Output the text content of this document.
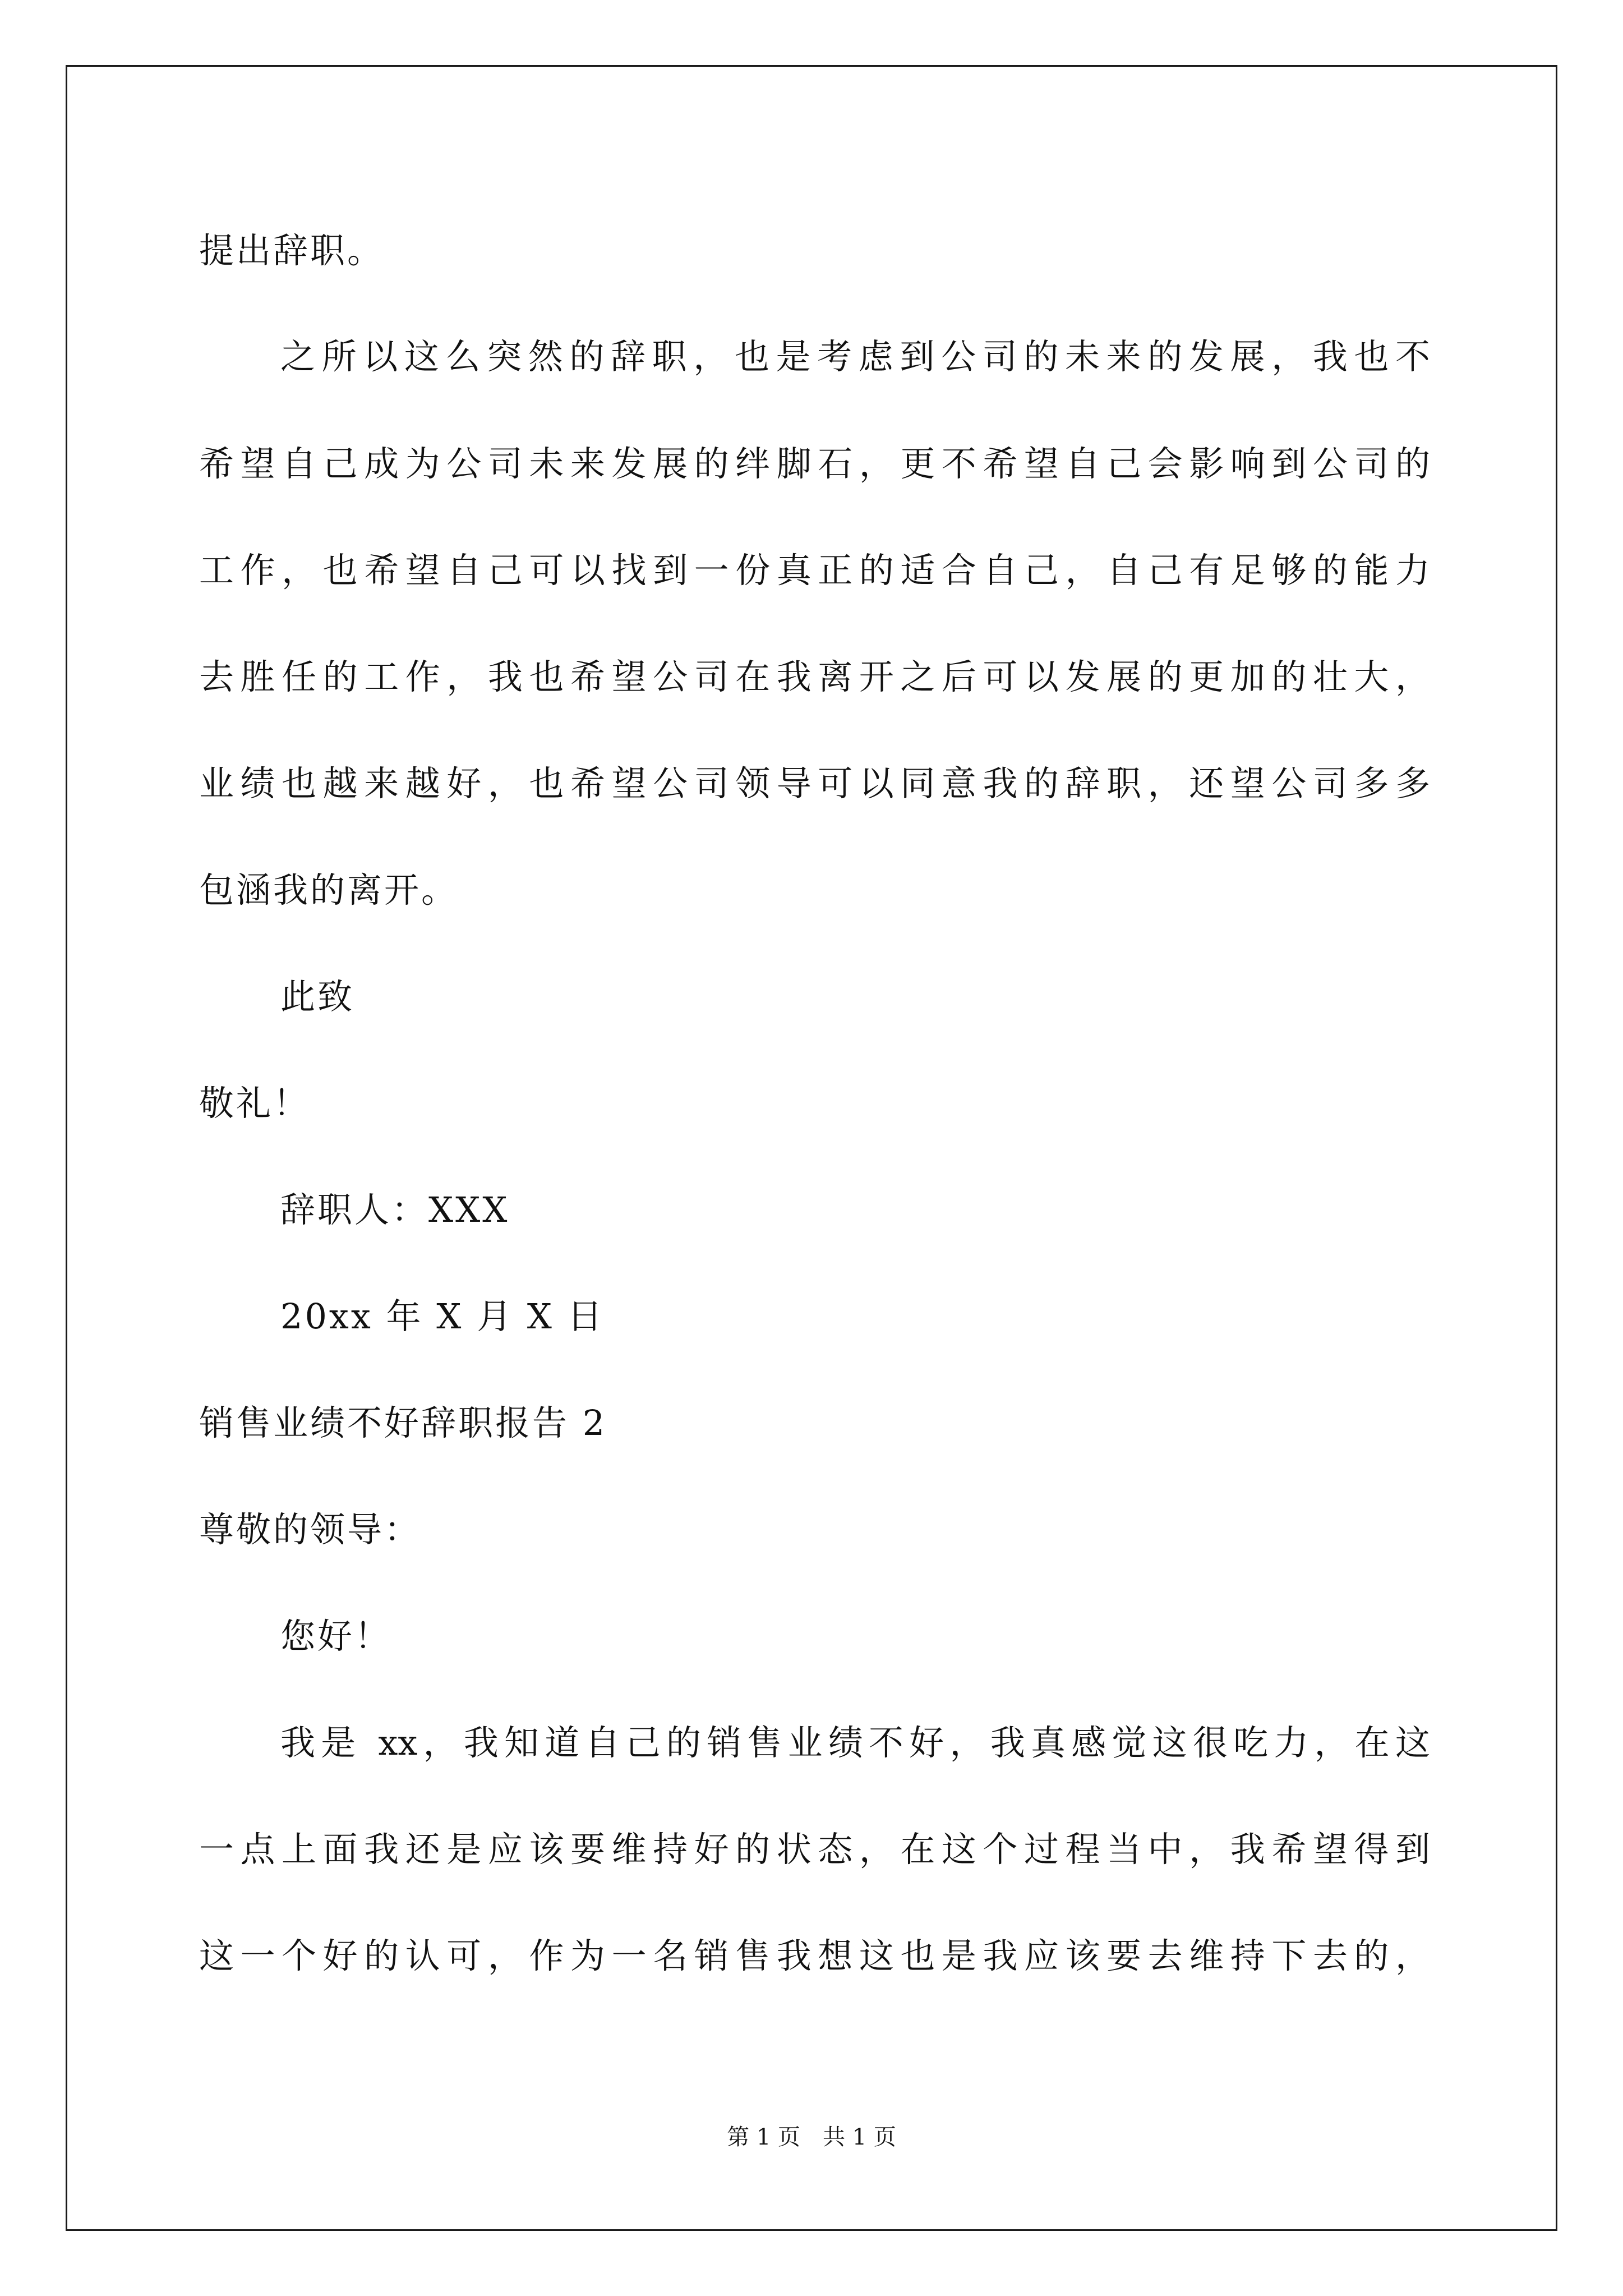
提出辞职。
之所以这么突然的辞职，也是考虑到公司的未来的发展，我也不
希望自己成为公司未来发展的绊脚石，更不希望自己会影响到公司的
工作，也希望自己可以找到一份真正的适合自己，自己有足够的能力
去胜任的工作，我也希望公司在我离开之后可以发展的更加的壮大，
业绩也越来越好，也希望公司领导可以同意我的辞职，还望公司多多
包涵我的离开。
此致
敬礼！
辞职人：XXX
20xx 年 X 月 X 日
销售业绩不好辞职报告 2
尊敬的领导：
您好！
我是 xx，我知道自己的销售业绩不好，我真感觉这很吃力，在这
一点上面我还是应该要维持好的状态，在这个过程当中，我希望得到
这一个好的认可，作为一名销售我想这也是我应该要去维持下去的，
第 1 页　共 1 页
